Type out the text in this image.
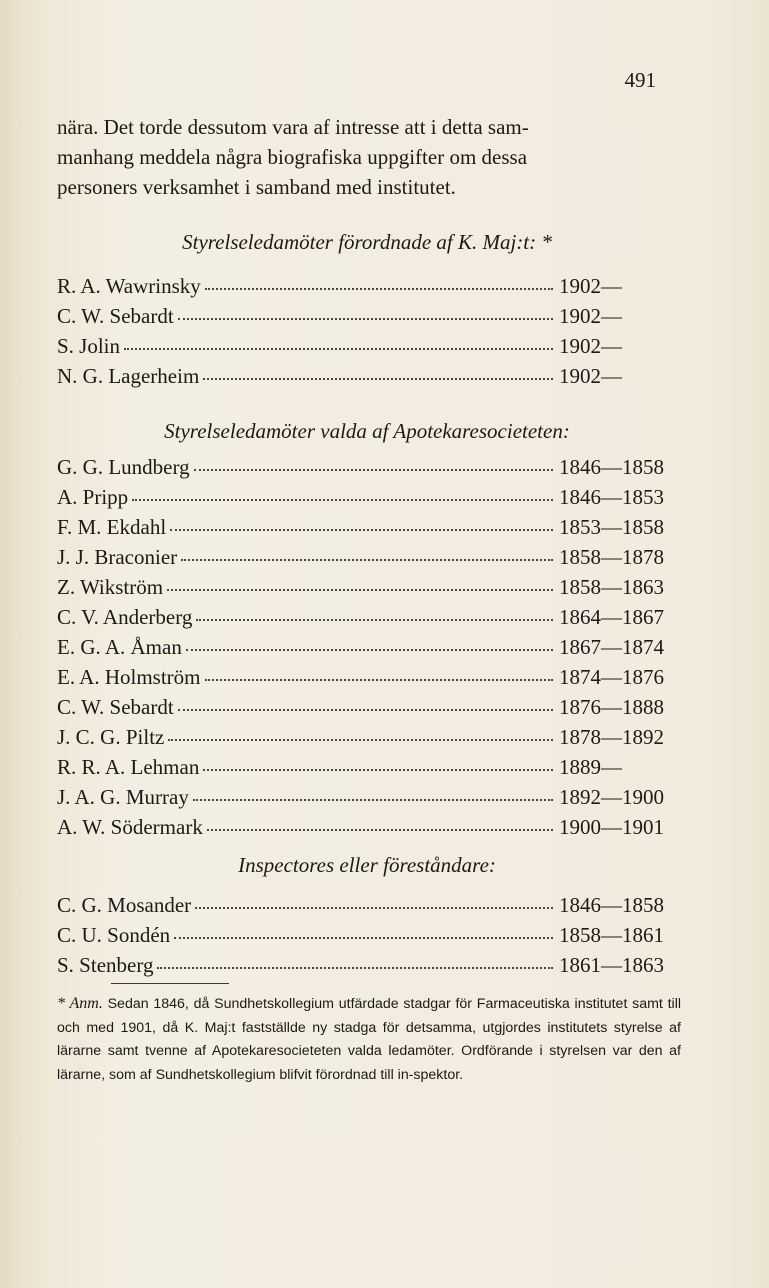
491
nära. Det torde dessutom vara af intresse att i detta sam-
manhang meddela några biografiska uppgifter om dessa
personers verksamhet i samband med institutet.
Styrelseledamöter förordnade af K. Maj:t: *
R. A. Wawrinsky	1902—
C. W. Sebardt	1902—
S. Jolin	1902—
N. G. Lagerheim	1902—
Styrelseledamöter valda af Apotekaresocieteten:
G. G. Lundberg	1846—1858
A. Pripp	1846—1853
F. M. Ekdahl	1853—1858
J. J. Braconier	1858—1878
Z. Wikström	1858—1863
C. V. Anderberg	1864—1867
E. G. A. Åman	1867—1874
E. A. Holmström	1874—1876
C. W. Sebardt	1876—1888
J. C. G. Piltz	1878—1892
R. R. A. Lehman	1889—
J. A. G. Murray	1892—1900
A. W. Södermark	1900—1901
Inspectores eller föreståndare:
C. G. Mosander	1846—1858
C. U. Sondén	1858—1861
S. Stenberg	1861—1863
* Anm. Sedan 1846, då Sundhetskollegium utfärdade stadgar för Farmaceutiska institutet samt till och med 1901, då K. Maj:t fastställde ny stadga för detsamma, utgjordes institutets styrelse af lärarne samt tvenne af Apotekaresocieteten valda ledamöter. Ordförande i styrelsen var den af lärarne, som af Sundhetskollegium blifvit förordnad till in-spektor.
